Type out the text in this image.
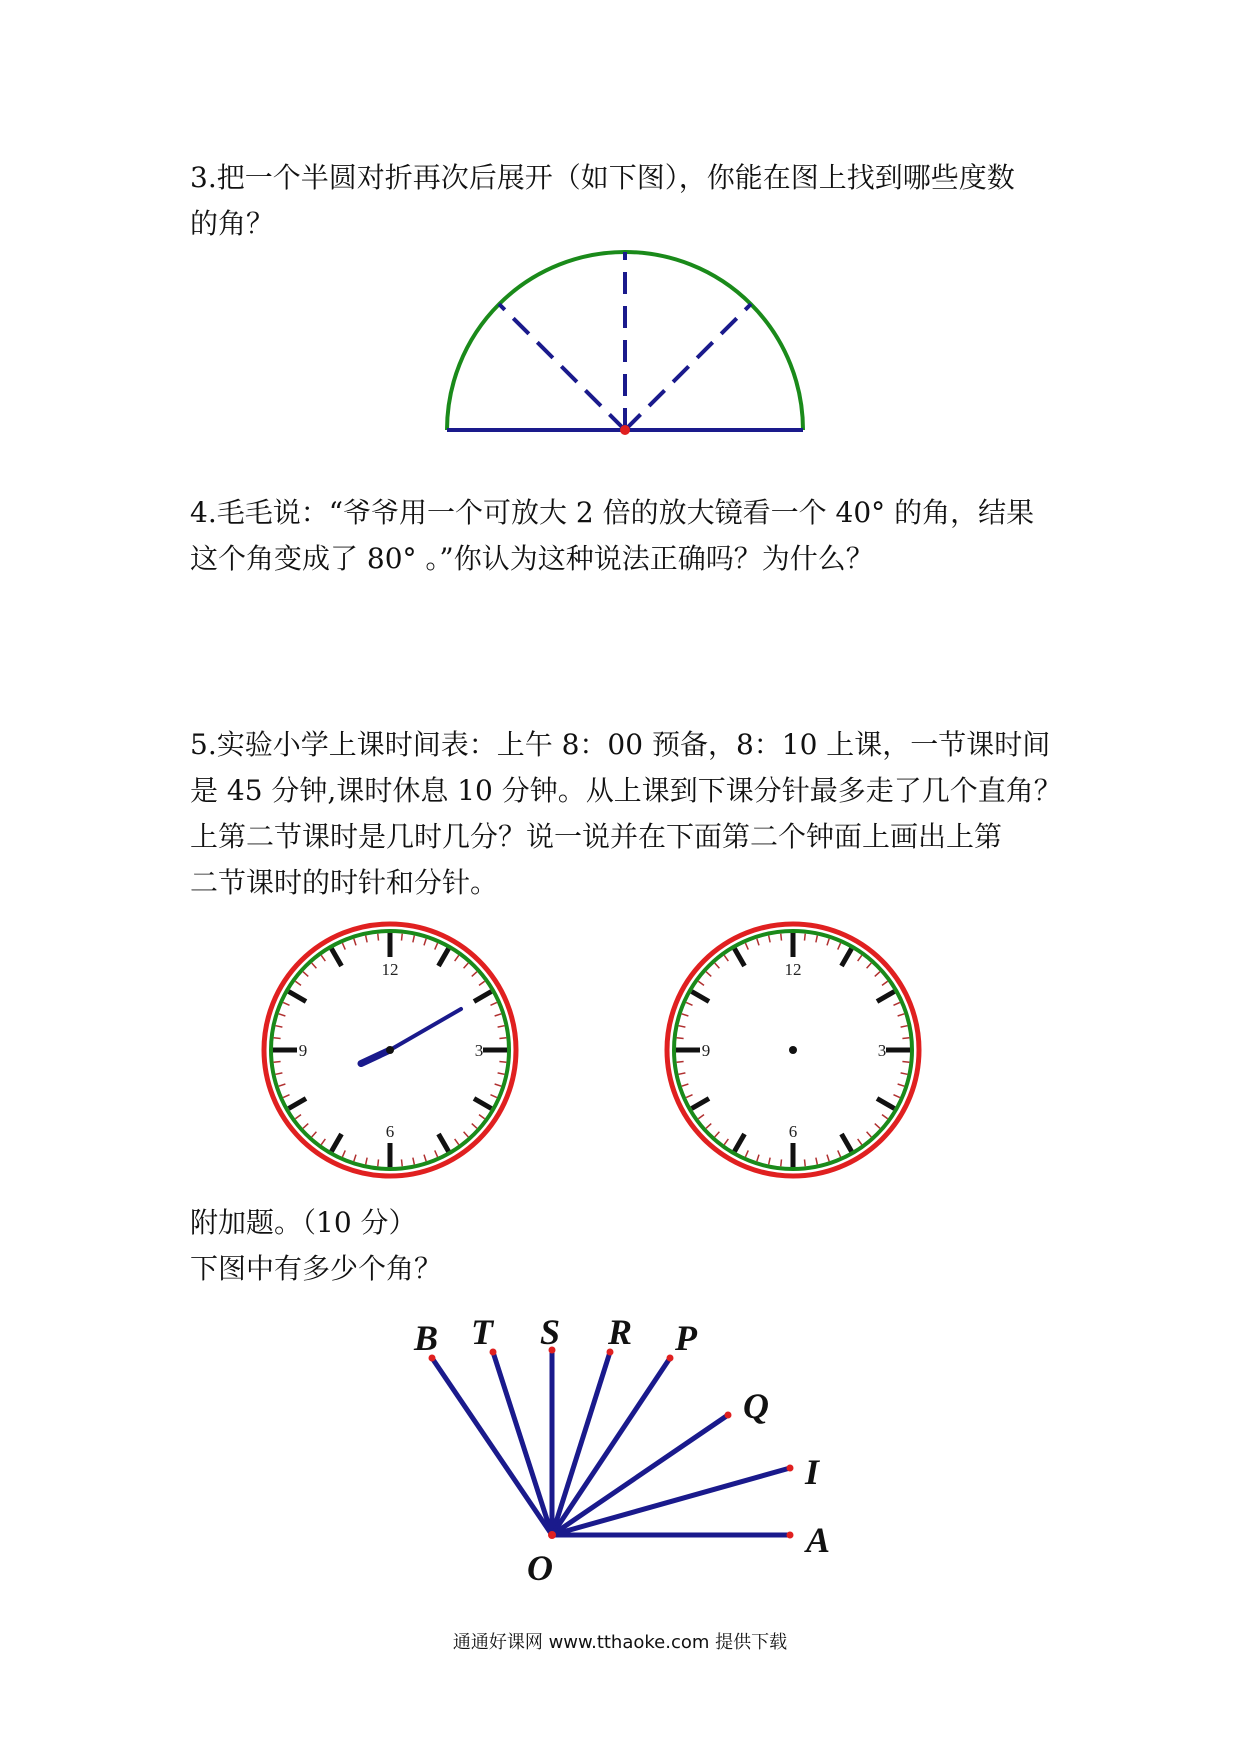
3.把一个半圆对折再次后展开（如下图），你能在图上找到哪些度数
的角？
4.毛毛说：“爷爷用一个可放大 2 倍的放大镜看一个 40° 的角，结果
这个角变成了 80° 。”你认为这种说法正确吗？为什么？
5.实验小学上课时间表：上午 8：00 预备，8：10 上课，一节课时间
是 45 分钟,课时休息 10 分钟。从上课到下课分针最多走了几个直角？
上第二节课时是几时几分？说一说并在下面第二个钟面上画出上第
二节课时的时针和分针。
12
3
6
9
12
3
6
9
附加题。（10 分）
下图中有多少个角？
O
B T S R P
Q
I
A
通通好课网 www.tthaoke.com 提供下载
